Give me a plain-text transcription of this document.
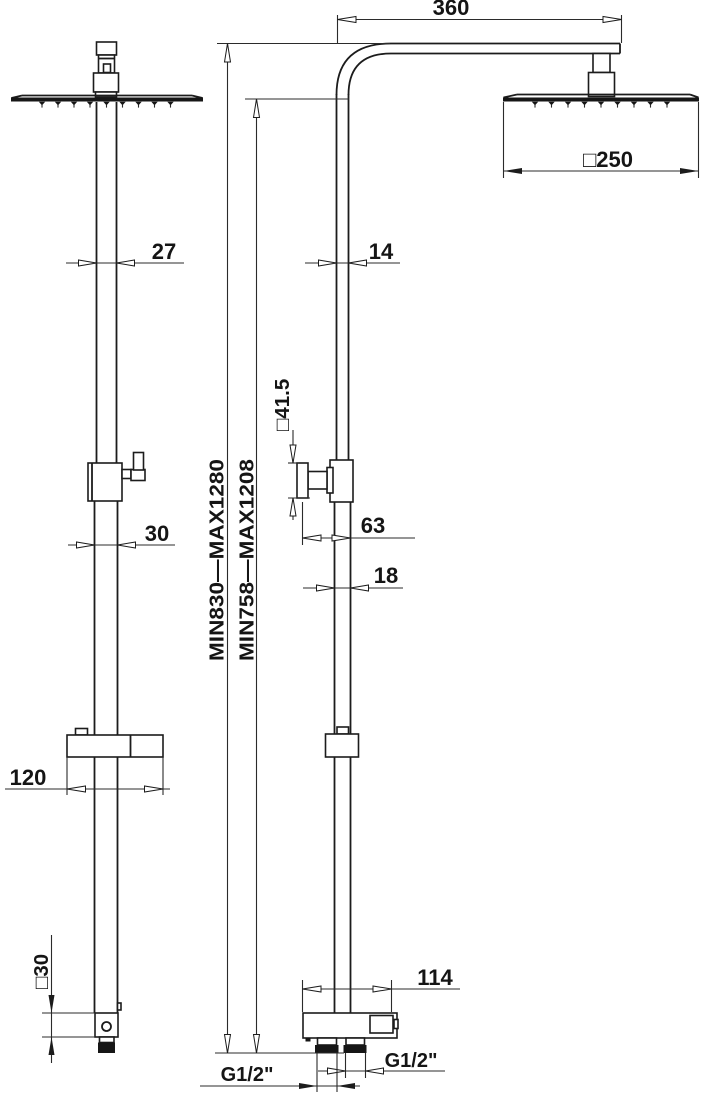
360
□250
27	14
□41.5
63
18
30
120
MIN830—MAX1280 MIN758—MAX1208
□30	114
G1/2"
G1/2"
